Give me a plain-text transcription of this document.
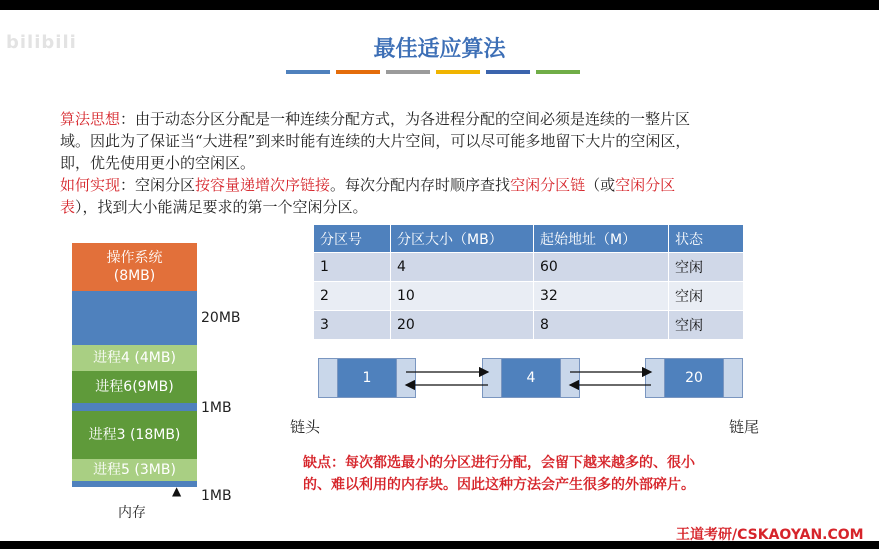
bilibili	最佳适应算法
算法思想：由于动态分区分配是一种连续分配方式，为各进程分配的空间必须是连续的一整片区
域。因此为了保证当“大进程”到来时能有连续的大片空间，可以尽可能多地留下大片的空闲区，
即，优先使用更小的空闲区。
如何实现：空闲分区按容量递增次序链接。每次分配内存时顺序查找空闲分区链（或空闲分区
表），找到大小能满足要求的第一个空闲分区。
操作系统
(8MB)
进程4 (4MB)
进程6(9MB)
进程3 (18MB)
进程5 (3MB)
20MB
1MB
1MB
内存
▲
分区号	分区大小（MB）	起始地址（M）	状态
1	4	60	空闲
2	10	32	空闲
3	20	8	空闲
1	4	20
链头	链尾
缺点：每次都选最小的分区进行分配，会留下越来越多的、很小
的、难以利用的内存块。因此这种方法会产生很多的外部碎片。
王道考研/CSKAOYAN.COM
